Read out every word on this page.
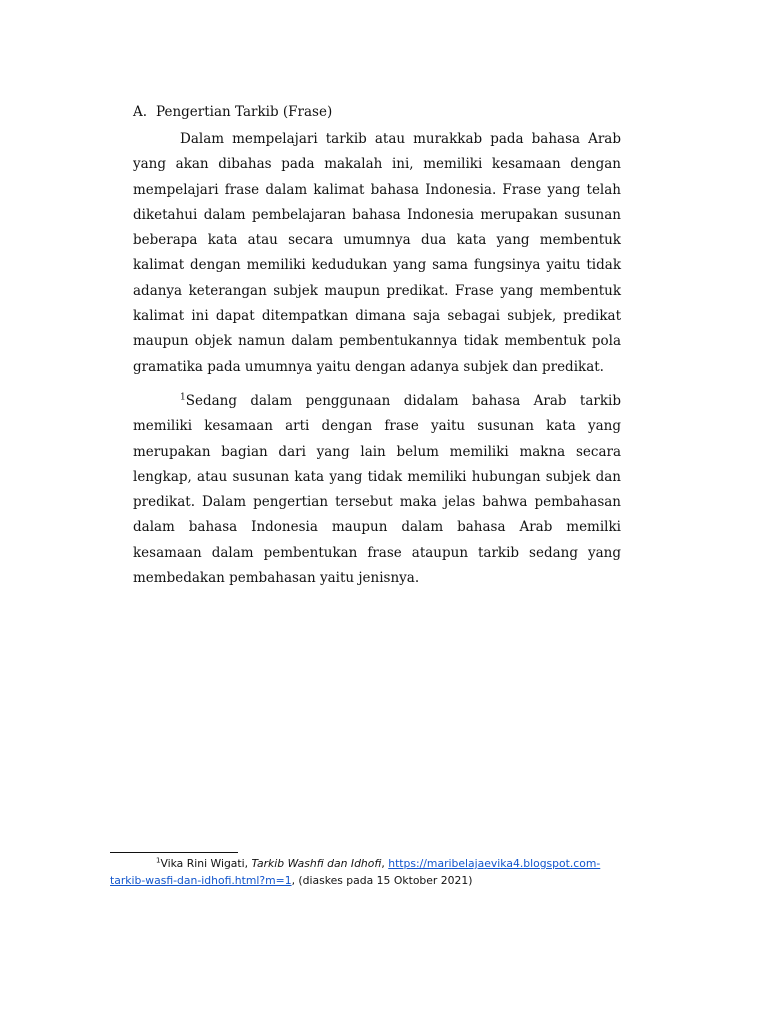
A. Pengertian Tarkib (Frase)

Dalam mempelajari tarkib atau murakkab pada bahasa Arab yang akan dibahas pada makalah ini, memiliki kesamaan dengan mempelajari frase dalam kalimat bahasa Indonesia. Frase yang telah diketahui dalam pembelajaran bahasa Indonesia merupakan susunan beberapa kata atau secara umumnya dua kata yang membentuk kalimat dengan memiliki kedudukan yang sama fungsinya yaitu tidak adanya keterangan subjek maupun predikat. Frase yang membentuk kalimat ini dapat ditempatkan dimana saja sebagai subjek, predikat maupun objek namun dalam pembentukannya tidak membentuk pola gramatika pada umumnya yaitu dengan adanya subjek dan predikat.

$^1$Sedang dalam penggunaan didalam bahasa Arab tarkib memiliki kesamaan arti dengan frase yaitu susunan kata yang merupakan bagian dari yang lain belum memiliki makna secara lengkap, atau susunan kata yang tidak memiliki hubungan subjek dan predikat. Dalam pengertian tersebut maka jelas bahwa pembahasan dalam bahasa Indonesia maupun dalam bahasa Arab memilki kesamaan dalam pembentukan frase ataupun tarkib sedang yang membedakan pembahasan yaitu jenisnya.

$^1$Vika Rini Wigati, Tarkib Washfi dan Idhofi, https://maribelajaevika4.blogspot.com-tarkib-wasfi-dan-idhofi.html?m=1, (diaskes pada 15 Oktober 2021)
